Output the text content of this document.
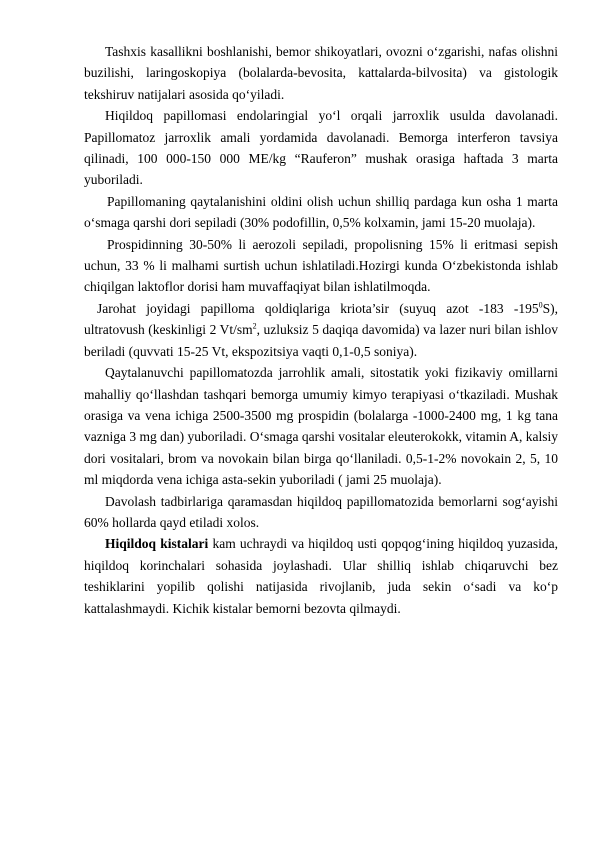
Tashxis kasallikni boshlanishi, bemor shikoyatlari, ovozni o‘zgarishi, nafas olishni buzilishi, laringoskopiya (bolalarda-bevosita, kattalarda-bilvosita) va gistologik tekshiruv natijalari asosida qo‘yiladi.

Hiqildoq papillomasi endolaringial yo‘l orqali jarroxlik usulda davolanadi. Papillomatoz jarroxlik amali yordamida davolanadi. Bemorga interferon tavsiya qilinadi, 100 000-150 000 ME/kg “Rauferon” mushak orasiga haftada 3 marta yuboriladi.

Papillomaning qaytalanishini oldini olish uchun shilliq pardaga kun osha 1 marta o‘smaga qarshi dori sepiladi (30% podofillin, 0,5% kolxamin, jami 15-20 muolaja).

Prospidinning 30-50% li aerozoli sepiladi, propolisning 15% li eritmasi sepish uchun, 33 % li malhami surtish uchun ishlatiladi.Hozirgi kunda O‘zbekistonda ishlab chiqilgan laktoflor dorisi ham muvaffaqiyat bilan ishlatilmoqda.

Jarohat joyidagi papilloma qoldiqlariga kriota’sir (suyuq azot -183 $-195^0S$), ultratovush (keskinligi 2 $Vt/sm^2$, uzluksiz 5 daqiqa davomida) va lazer nuri bilan ishlov beriladi (quvvati 15-25 Vt, ekspozitsiya vaqti 0,1-0,5 soniya).

Qaytalanuvchi papillomatozda jarrohlik amali, sitostatik yoki fizikaviy omillarni mahalliy qo‘llashdan tashqari bemorga umumiy kimyo terapiyasi o‘tkaziladi. Mushak orasiga va vena ichiga 2500-3500 mg prospidin (bolalarga -1000-2400 mg, 1 kg tana vazniga 3 mg dan) yuboriladi. O‘smaga qarshi vositalar eleuterokokk, vitamin A, kalsiy dori vositalari, brom va novokain bilan birga qo‘llaniladi. 0,5-1-2% novokain 2, 5, 10 ml miqdorda vena ichiga asta-sekin yuboriladi ( jami 25 muolaja).

Davolash tadbirlariga qaramasdan hiqildoq papillomatozida bemorlarni sog‘ayishi 60% hollarda qayd etiladi xolos.

Hiqildoq kistalari kam uchraydi va hiqildoq usti qopqog‘ining hiqildoq yuzasida, hiqildoq korinchalari sohasida joylashadi. Ular shilliq ishlab chiqaruvchi bez teshiklarini yopilib qolishi natijasida rivojlanib, juda sekin o‘sadi va ko‘p kattalashmaydi. Kichik kistalar bemorni bezovta qilmaydi.
